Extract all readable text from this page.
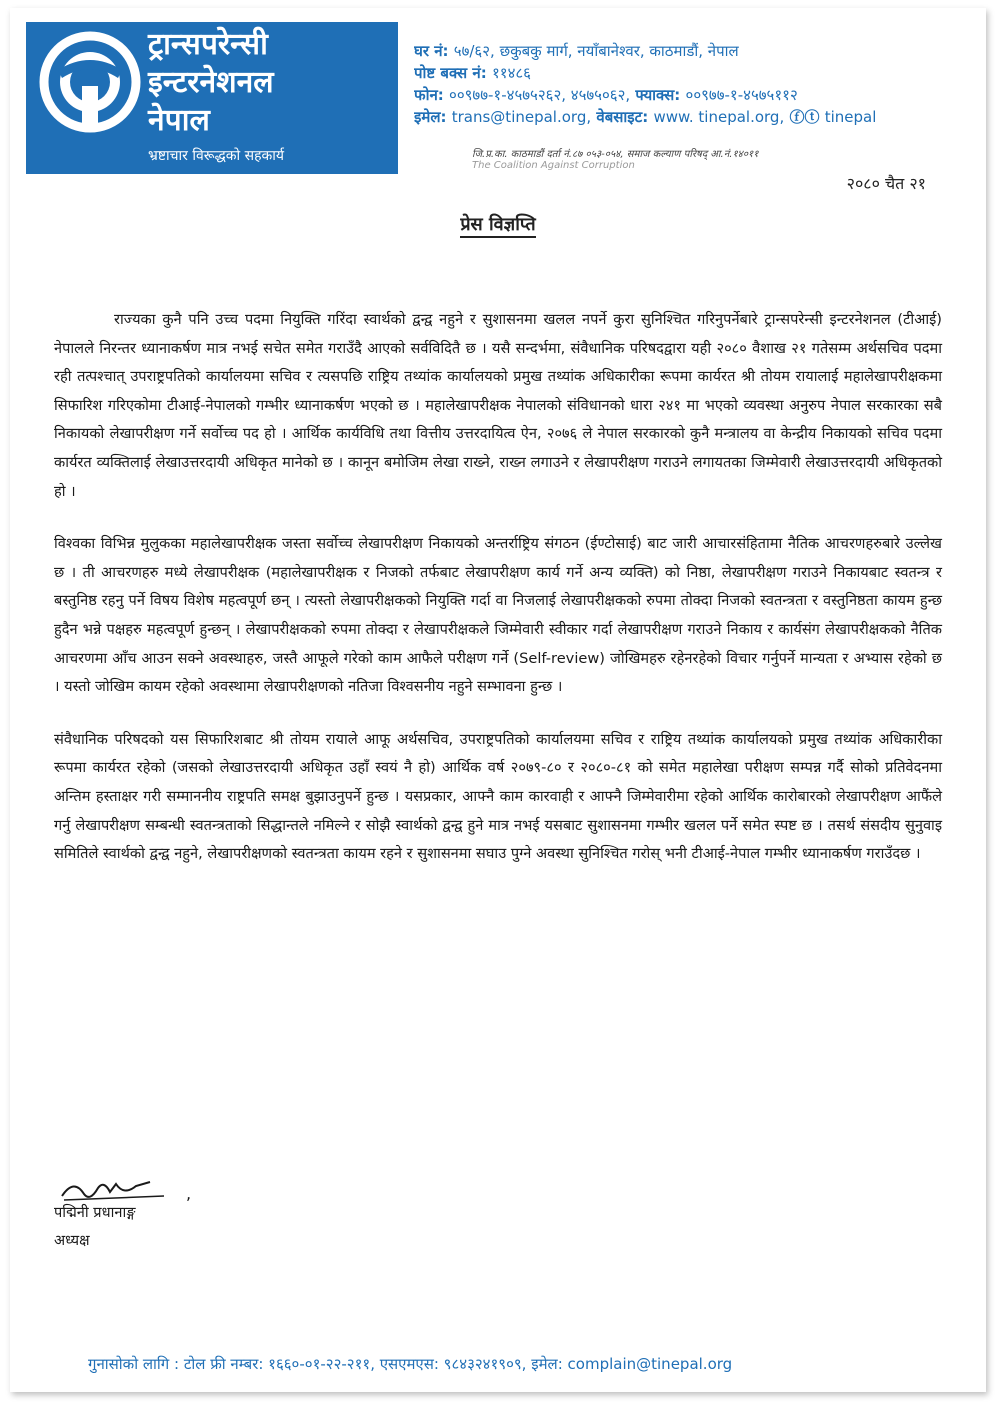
ट्रान्सपरेन्सी
इन्टरनेशनल
नेपाल
भ्रष्टाचार विरूद्धको सहकार्य
घर नं: ५७/६२, छकुबकु मार्ग, नयाँबानेश्वर, काठमाडौं, नेपाल
पोष्ट बक्स नं: ११४८६
फोन: ००९७७-१-४५७५२६२, ४५७५०६२, फ्याक्स: ००९७७-१-४५७५११२
इमेल: trans@tinepal.org, वेबसाइट: www. tinepal.org, ⓕⓣ tinepal
जि.प्र.का. काठमाडौं दर्ता नं.८७ ०५३-०५४, समाज कल्याण परिषद् आ.नं.१४०११
The Coalition Against Corruption
२०८० चैत २१
प्रेस विज्ञप्ति

राज्यका कुनै पनि उच्च पदमा नियुक्ति गरिंदा स्वार्थको द्वन्द्व नहुने र सुशासनमा खलल नपर्ने कुरा सुनिश्चित गरिनुपर्नेबारे ट्रान्सपरेन्सी इन्टरनेशनल (टीआई) नेपालले निरन्तर ध्यानाकर्षण मात्र नभई सचेत समेत गराउँदै आएको सर्वविदितै छ । यसै सन्दर्भमा, संवैधानिक परिषदद्वारा यही २०८० वैशाख २१ गतेसम्म अर्थसचिव पदमा रही तत्पश्चात् उपराष्ट्रपतिको कार्यालयमा सचिव र त्यसपछि राष्ट्रिय तथ्यांक कार्यालयको प्रमुख तथ्यांक अधिकारीका रूपमा कार्यरत श्री तोयम रायालाई महालेखापरीक्षकमा सिफारिश गरिएकोमा टीआई-नेपालको गम्भीर ध्यानाकर्षण भएको छ । महालेखापरीक्षक नेपालको संविधानको धारा २४१ मा भएको व्यवस्था अनुरुप नेपाल सरकारका सबै निकायको लेखापरीक्षण गर्ने सर्वोच्च पद हो । आर्थिक कार्यविधि तथा वित्तीय उत्तरदायित्व ऐन, २०७६ ले नेपाल सरकारको कुनै मन्त्रालय वा केन्द्रीय निकायको सचिव पदमा कार्यरत व्यक्तिलाई लेखाउत्तरदायी अधिकृत मानेको छ । कानून बमोजिम लेखा राख्ने, राख्न लगाउने र लेखापरीक्षण गराउने लगायतका जिम्मेवारी लेखाउत्तरदायी अधिकृतको हो ।

विश्वका विभिन्न मुलुकका महालेखापरीक्षक जस्ता सर्वोच्च लेखापरीक्षण निकायको अन्तर्राष्ट्रिय संगठन (ईण्टोसाई) बाट जारी आचारसंहितामा नैतिक आचरणहरुबारे उल्लेख छ । ती आचरणहरु मध्ये लेखापरीक्षक (महालेखापरीक्षक र निजको तर्फबाट लेखापरीक्षण कार्य गर्ने अन्य व्यक्ति) को निष्ठा, लेखापरीक्षण गराउने निकायबाट स्वतन्त्र र बस्तुनिष्ठ रहनु पर्ने विषय विशेष महत्वपूर्ण छन् । त्यस्तो लेखापरीक्षकको नियुक्ति गर्दा वा निजलाई लेखापरीक्षकको रुपमा तोक्दा निजको स्वतन्त्रता र वस्तुनिष्ठता कायम हुन्छ हुदैन भन्ने पक्षहरु महत्वपूर्ण हुन्छन् । लेखापरीक्षकको रुपमा तोक्दा र लेखापरीक्षकले जिम्मेवारी स्वीकार गर्दा लेखापरीक्षण गराउने निकाय र कार्यसंग लेखापरीक्षकको नैतिक आचरणमा आँच आउन सक्ने अवस्थाहरु, जस्तै आफूले गरेको काम आफैले परीक्षण गर्ने (Self-review) जोखिमहरु रहेनरहेको विचार गर्नुपर्ने मान्यता र अभ्यास रहेको छ । यस्तो जोखिम कायम रहेको अवस्थामा लेखापरीक्षणको नतिजा विश्वसनीय नहुने सम्भावना हुन्छ ।

संवैधानिक परिषदको यस सिफारिशबाट श्री तोयम रायाले आफू अर्थसचिव, उपराष्ट्रपतिको कार्यालयमा सचिव र राष्ट्रिय तथ्यांक कार्यालयको प्रमुख तथ्यांक अधिकारीका रूपमा कार्यरत रहेको (जसको लेखाउत्तरदायी अधिकृत उहाँ स्वयं नै हो) आर्थिक वर्ष २०७९-८० र २०८०-८१ को समेत महालेखा परीक्षण सम्पन्न गर्दै सोको प्रतिवेदनमा अन्तिम हस्ताक्षर गरी सम्माननीय राष्ट्रपति समक्ष बुझाउनुपर्ने हुन्छ । यसप्रकार, आफ्नै काम कारवाही र आफ्नै जिम्मेवारीमा रहेको आर्थिक कारोबारको लेखापरीक्षण आफैंले गर्नु लेखापरीक्षण सम्बन्धी स्वतन्त्रताको सिद्धान्तले नमिल्ने र सोझै स्वार्थको द्वन्द्व हुने मात्र नभई यसबाट सुशासनमा गम्भीर खलल पर्ने समेत स्पष्ट छ । तसर्थ संसदीय सुनुवाइ समितिले स्वार्थको द्वन्द्व नहुने, लेखापरीक्षणको स्वतन्त्रता कायम रहने र सुशासनमा सघाउ पुग्ने अवस्था सुनिश्चित गरोस् भनी टीआई-नेपाल गम्भीर ध्यानाकर्षण गराउँदछ ।

,
पद्मिनी प्रधानाङ्ग
अध्यक्ष
गुनासोको लागि : टोल फ्री नम्बर: १६६०-०१-२२-२११, एसएमएस: ९८४३२४१९०९, इमेल: complain@tinepal.org
